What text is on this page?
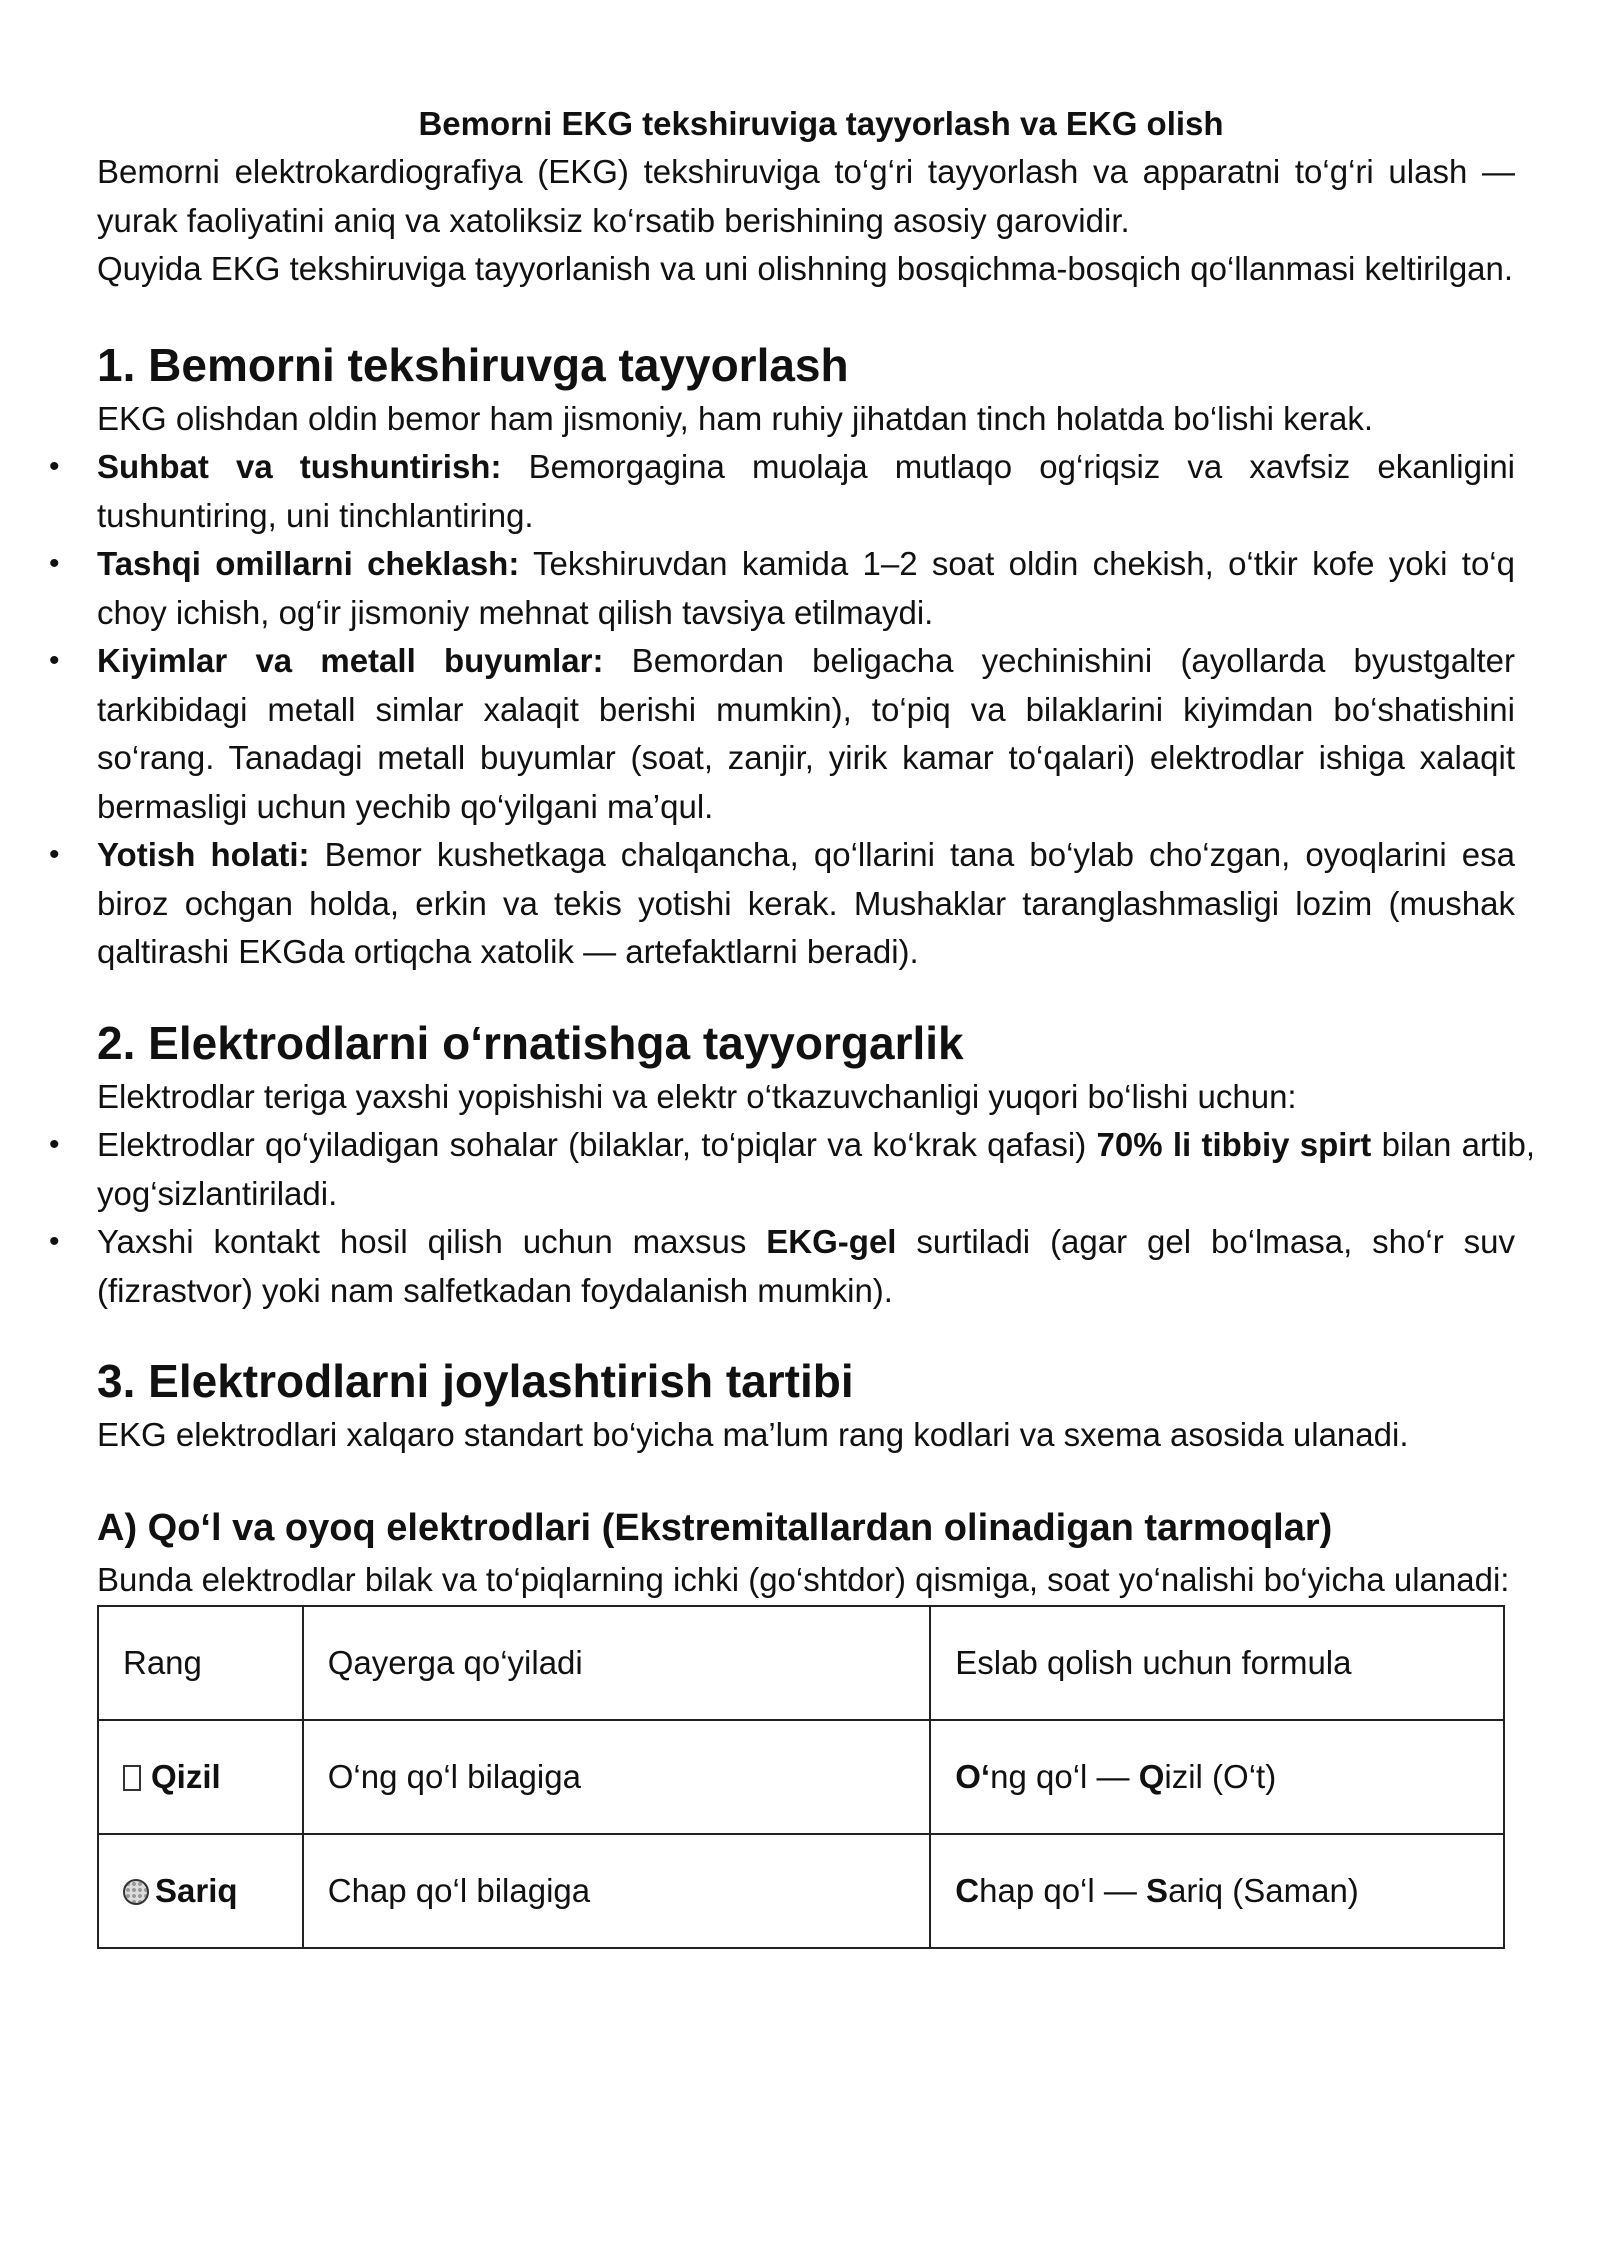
Bemorni EKG tekshiruviga tayyorlash va EKG olish

Bemorni elektrokardiografiya (EKG) tekshiruviga to‘g‘ri tayyorlash va apparatni to‘g‘ri ulash — yurak faoliyatini aniq va xatoliksiz ko‘rsatib berishining asosiy garovidir.

Quyida EKG tekshiruviga tayyorlanish va uni olishning bosqichma-bosqich qo‘llanmasi keltirilgan.

1. Bemorni tekshiruvga tayyorlash

EKG olishdan oldin bemor ham jismoniy, ham ruhiy jihatdan tinch holatda bo‘lishi kerak.

• Suhbat va tushuntirish: Bemorgagina muolaja mutlaqo og‘riqsiz va xavfsiz ekanligini tushuntiring, uni tinchlantiring.
• Tashqi omillarni cheklash: Tekshiruvdan kamida 1–2 soat oldin chekish, o‘tkir kofe yoki to‘q choy ichish, og‘ir jismoniy mehnat qilish tavsiya etilmaydi.
• Kiyimlar va metall buyumlar: Bemordan beligacha yechinishini (ayollarda byustgalter tarkibidagi metall simlar xalaqit berishi mumkin), to‘piq va bilaklarini kiyimdan bo‘shatishini so‘rang. Tanadagi metall buyumlar (soat, zanjir, yirik kamar to‘qalari) elektrodlar ishiga xalaqit bermasligi uchun yechib qo‘yilgani ma’qul.
• Yotish holati: Bemor kushetkaga chalqancha, qo‘llarini tana bo‘ylab cho‘zgan, oyoqlarini esa biroz ochgan holda, erkin va tekis yotishi kerak. Mushaklar taranglashmasligi lozim (mushak qaltirashi EKGda ortiqcha xatolik — artefaktlarni beradi).
2. Elektrodlarni o‘rnatishga tayyorgarlik

Elektrodlar teriga yaxshi yopishishi va elektr o‘tkazuvchanligi yuqori bo‘lishi uchun:

• Elektrodlar qo‘yiladigan sohalar (bilaklar, to‘piqlar va ko‘krak qafasi) 70% li tibbiy spirt bilan artib, yog‘sizlantiriladi.
• Yaxshi kontakt hosil qilish uchun maxsus EKG-gel surtiladi (agar gel bo‘lmasa, sho‘r suv (fizrastvor) yoki nam salfetkadan foydalanish mumkin).
3. Elektrodlarni joylashtirish tartibi

EKG elektrodlari xalqaro standart bo‘yicha ma’lum rang kodlari va sxema asosida ulanadi.

A) Qo‘l va oyoq elektrodlari (Ekstremitallardan olinadigan tarmoqlar)

Bunda elektrodlar bilak va to‘piqlarning ichki (go‘shtdor) qismiga, soat yo‘nalishi bo‘yicha ulanadi:

Rang	Qayerga qo‘yiladi	Eslab qolish uchun formula
Qizil	O‘ng qo‘l bilagiga	O‘ng qo‘l — Qizil (O‘t)
Sariq	Chap qo‘l bilagiga	Chap qo‘l — Sariq (Saman)
